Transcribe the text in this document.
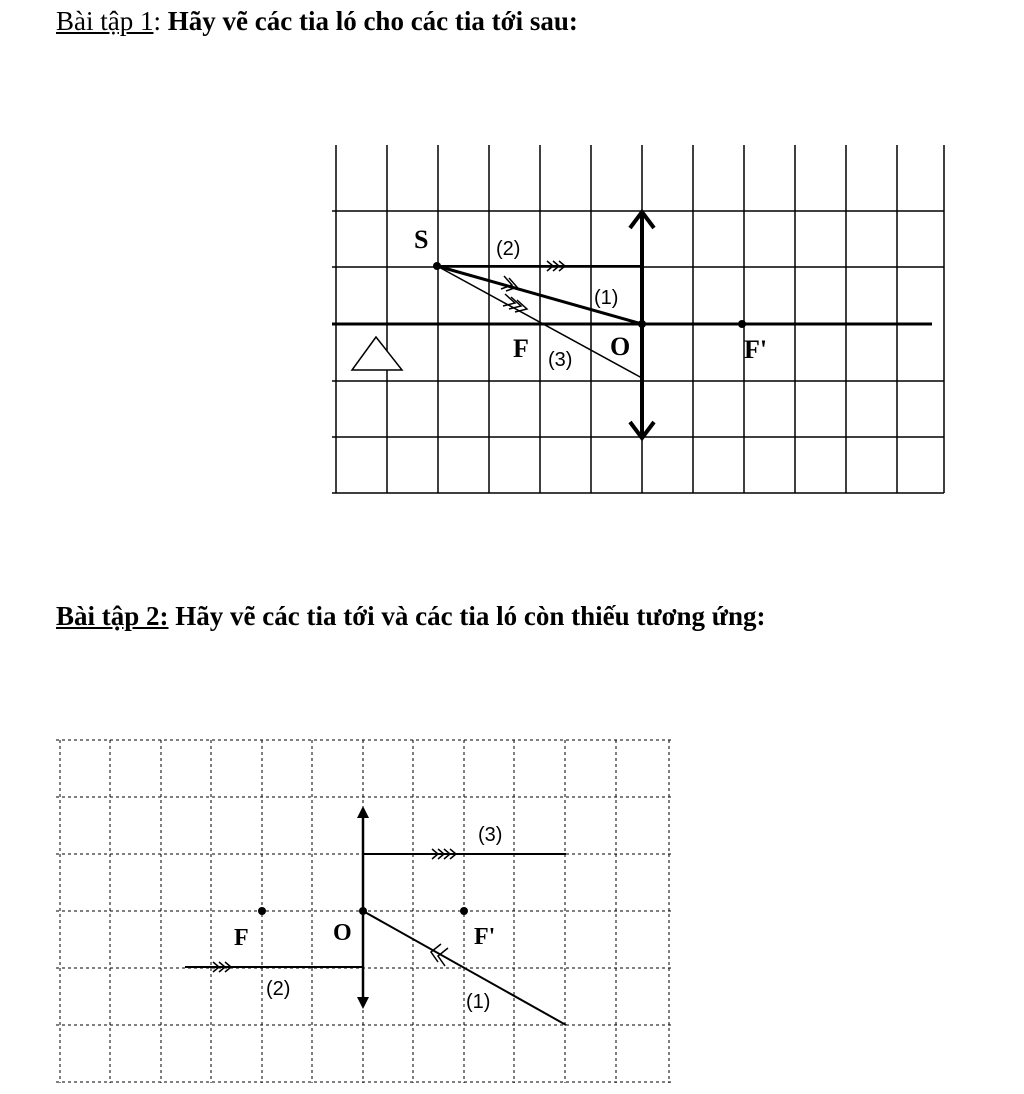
Bài tập 1: Hãy vẽ các tia ló cho các tia tới sau:
Bài tập 2: Hãy vẽ các tia tới và các tia ló còn thiếu tương ứng:
S
F	O	F'
(2)
(1)
(3)
F	O	F'
(3)
(2)
(1)
